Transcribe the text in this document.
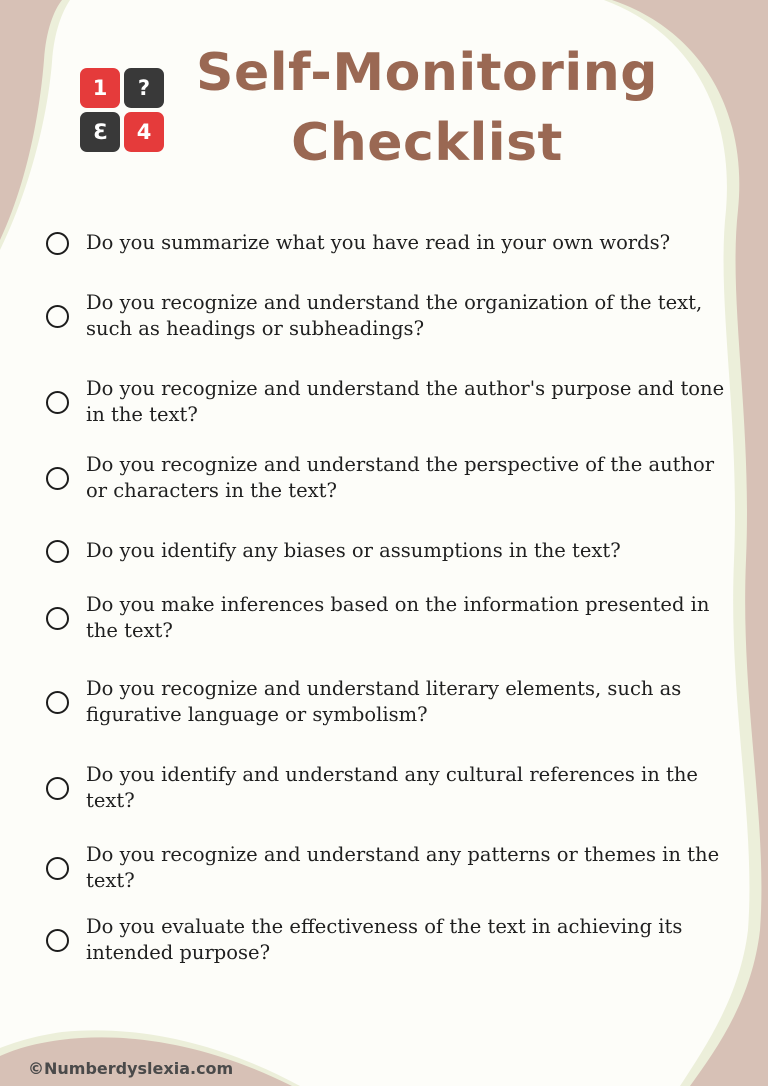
1	?
3	4
Self-Monitoring
Checklist
Do you summarize what you have read in your own words?
Do you recognize and understand the organization of the text, such as headings or subheadings?
Do you recognize and understand the author's purpose and tone in the text?
Do you recognize and understand the perspective of the author or characters in the text?
Do you identify any biases or assumptions in the text?
Do you make inferences based on the information presented in the text?
Do you recognize and understand literary elements, such as figurative language or symbolism?
Do you identify and understand any cultural references in the text?
Do you recognize and understand any patterns or themes in the text?
Do you evaluate the effectiveness of the text in achieving its intended purpose?
©Numberdyslexia.com
